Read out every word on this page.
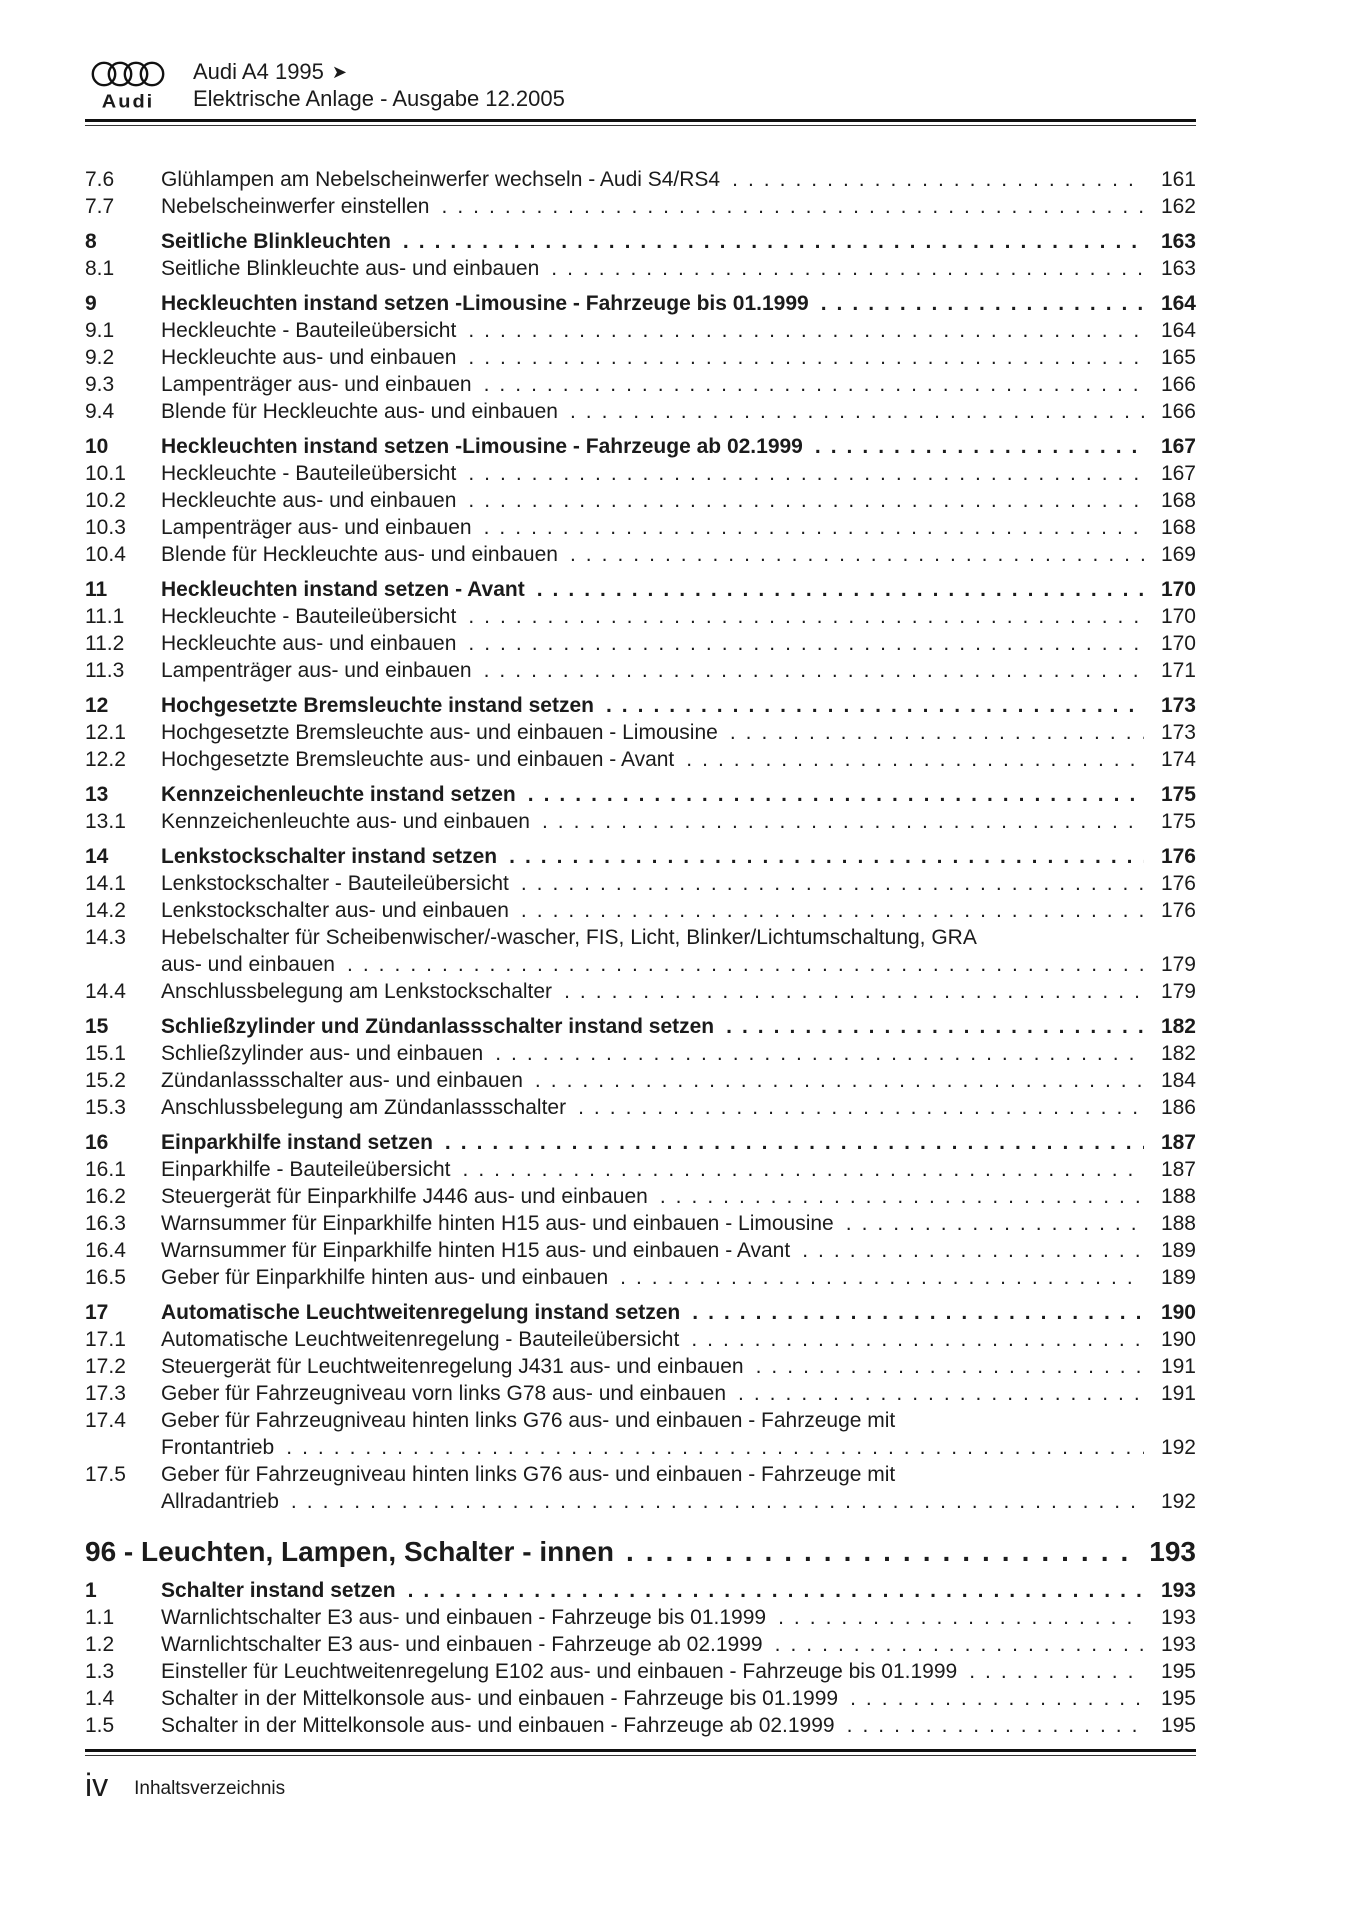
Audi
Audi A4 1995 ➤
Elektrische Anlage - Ausgabe 12.2005
7.6	Glühlampen am Nebelscheinwerfer wechseln - Audi S4/RS4 .....	161
7.7	Nebelscheinwerfer einstellen .....	162
8	Seitliche Blinkleuchten .....	163
8.1	Seitliche Blinkleuchte aus- und einbauen .....	163
9	Heckleuchten instand setzen -Limousine - Fahrzeuge bis 01.1999 .....	164
9.1	Heckleuchte - Bauteileübersicht .....	164
9.2	Heckleuchte aus- und einbauen .....	165
9.3	Lampenträger aus- und einbauen .....	166
9.4	Blende für Heckleuchte aus- und einbauen .....	166
10	Heckleuchten instand setzen -Limousine - Fahrzeuge ab 02.1999 .....	167
10.1	Heckleuchte - Bauteileübersicht .....	167
10.2	Heckleuchte aus- und einbauen .....	168
10.3	Lampenträger aus- und einbauen .....	168
10.4	Blende für Heckleuchte aus- und einbauen .....	169
11	Heckleuchten instand setzen - Avant .....	170
11.1	Heckleuchte - Bauteileübersicht .....	170
11.2	Heckleuchte aus- und einbauen .....	170
11.3	Lampenträger aus- und einbauen .....	171
12	Hochgesetzte Bremsleuchte instand setzen .....	173
12.1	Hochgesetzte Bremsleuchte aus- und einbauen - Limousine .....	173
12.2	Hochgesetzte Bremsleuchte aus- und einbauen - Avant .....	174
13	Kennzeichenleuchte instand setzen .....	175
13.1	Kennzeichenleuchte aus- und einbauen .....	175
14	Lenkstockschalter instand setzen .....	176
14.1	Lenkstockschalter - Bauteileübersicht .....	176
14.2	Lenkstockschalter aus- und einbauen .....	176
14.3	Hebelschalter für Scheibenwischer/-wascher, FIS, Licht, Blinker/Lichtumschaltung, GRA
aus- und einbauen .....	179
14.4	Anschlussbelegung am Lenkstockschalter .....	179
15	Schließzylinder und Zündanlassschalter instand setzen .....	182
15.1	Schließzylinder aus- und einbauen .....	182
15.2	Zündanlassschalter aus- und einbauen .....	184
15.3	Anschlussbelegung am Zündanlassschalter .....	186
16	Einparkhilfe instand setzen .....	187
16.1	Einparkhilfe - Bauteileübersicht .....	187
16.2	Steuergerät für Einparkhilfe J446 aus- und einbauen .....	188
16.3	Warnsummer für Einparkhilfe hinten H15 aus- und einbauen - Limousine .....	188
16.4	Warnsummer für Einparkhilfe hinten H15 aus- und einbauen - Avant .....	189
16.5	Geber für Einparkhilfe hinten aus- und einbauen .....	189
17	Automatische Leuchtweitenregelung instand setzen .....	190
17.1	Automatische Leuchtweitenregelung - Bauteileübersicht .....	190
17.2	Steuergerät für Leuchtweitenregelung J431 aus- und einbauen .....	191
17.3	Geber für Fahrzeugniveau vorn links G78 aus- und einbauen .....	191
17.4	Geber für Fahrzeugniveau hinten links G76 aus- und einbauen - Fahrzeuge mit
Frontantrieb .....	192
17.5	Geber für Fahrzeugniveau hinten links G76 aus- und einbauen - Fahrzeuge mit
Allradantrieb .....	192
96 - Leuchten, Lampen, Schalter - innen .....	193
1	Schalter instand setzen .....	193
1.1	Warnlichtschalter E3 aus- und einbauen - Fahrzeuge bis 01.1999 .....	193
1.2	Warnlichtschalter E3 aus- und einbauen - Fahrzeuge ab 02.1999 .....	193
1.3	Einsteller für Leuchtweitenregelung E102 aus- und einbauen - Fahrzeuge bis 01.1999 .....	195
1.4	Schalter in der Mittelkonsole aus- und einbauen - Fahrzeuge bis 01.1999 .....	195
1.5	Schalter in der Mittelkonsole aus- und einbauen - Fahrzeuge ab 02.1999 .....	195
iv Inhaltsverzeichnis
